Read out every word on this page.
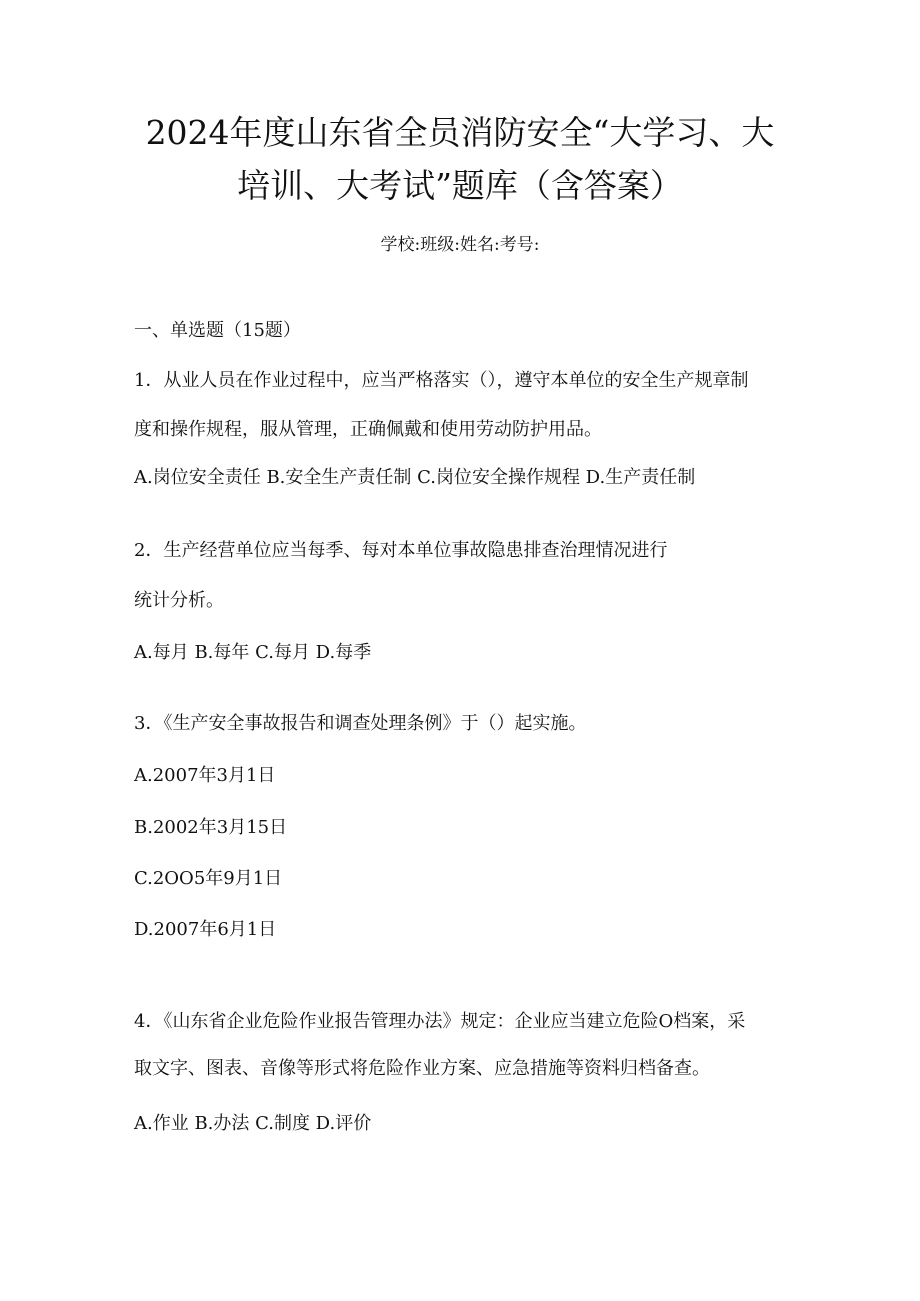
2024年度山东省全员消防安全“大学习、大
培训、大考试”题库（含答案）
学校:班级:姓名:考号:
一、单选题（15题）
1．从业人员在作业过程中，应当严格落实（），遵守本单位的安全生产规章制
度和操作规程，服从管理，正确佩戴和使用劳动防护用品。
A.岗位安全责任 B.安全生产责任制 C.岗位安全操作规程 D.生产责任制
2．生产经营单位应当每季、每对本单位事故隐患排查治理情况进行
统计分析。
A.每月 B.每年 C.每月 D.每季
3．《生产安全事故报告和调查处理条例》于（）起实施。
A.2007年3月1日
B.2002年3月15日
C.2OO5年9月1日
D.2007年6月1日
4．《山东省企业危险作业报告管理办法》规定：企业应当建立危险O档案，采
取文字、图表、音像等形式将危险作业方案、应急措施等资料归档备查。
A.作业 B.办法 C.制度 D.评价
